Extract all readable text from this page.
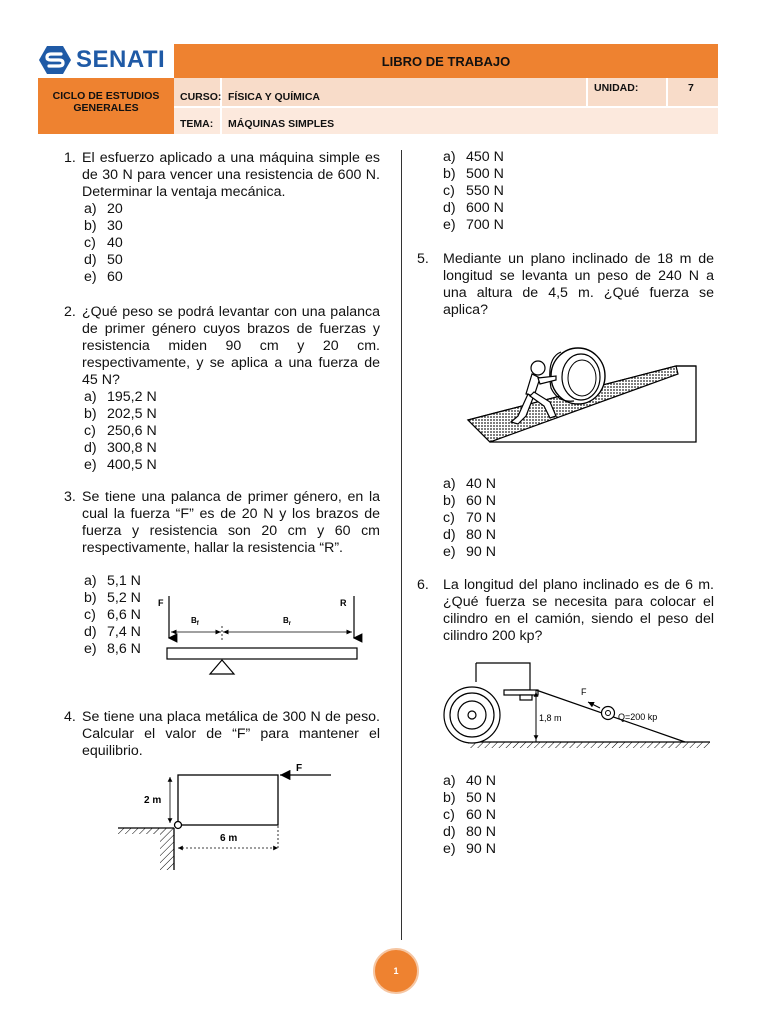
SENATI	LIBRO DE TRABAJO
CICLO DE ESTUDIOS GENERALES
CURSO: FÍSICA Y QUÍMICA
UNIDAD:	7
TEMA: MÁQUINAS SIMPLES
1. El esfuerzo aplicado a una máquina simple es de 30 N para vencer una resistencia de 600 N. Determinar la ventaja mecánica.
a) 20
b) 30
c) 40
d) 50
e) 60
2. ¿Qué peso se podrá levantar con una palanca de primer género cuyos brazos de fuerzas y resistencia miden 90 cm y 20 cm. respectivamente, y se aplica a una fuerza de 45 N?
a) 195,2 N
b) 202,5 N
c) 250,6 N
d) 300,8 N
e) 400,5 N
3. Se tiene una palanca de primer género, en la cual la fuerza “F” es de 20 N y los brazos de fuerza y resistencia son 20 cm y 60 cm respectivamente, hallar la resistencia “R”.
a) 5,1 N
b) 5,2 N
c) 6,6 N
d) 7,4 N
e) 8,6 N
F	R
$B_f$	$B_r$
4. Se tiene una placa metálica de 300 N de peso. Calcular el valor de “F” para mantener el equilibrio.
F
2 m
6 m
a) 450 N
b) 500 N
c) 550 N
d) 600 N
e) 700 N
5. Mediante un plano inclinado de 18 m de longitud se levanta un peso de 240 N a una altura de 4,5 m. ¿Qué fuerza se aplica?
a) 40 N
b) 60 N
c) 70 N
d) 80 N
e) 90 N
6. La longitud del plano inclinado es de 6 m. ¿Qué fuerza se necesita para colocar el cilindro en el camión, siendo el peso del cilindro 200 kp?
1,8 m
F
Q=200 kp
a) 40 N
b) 50 N
c) 60 N
d) 80 N
e) 90 N
1
